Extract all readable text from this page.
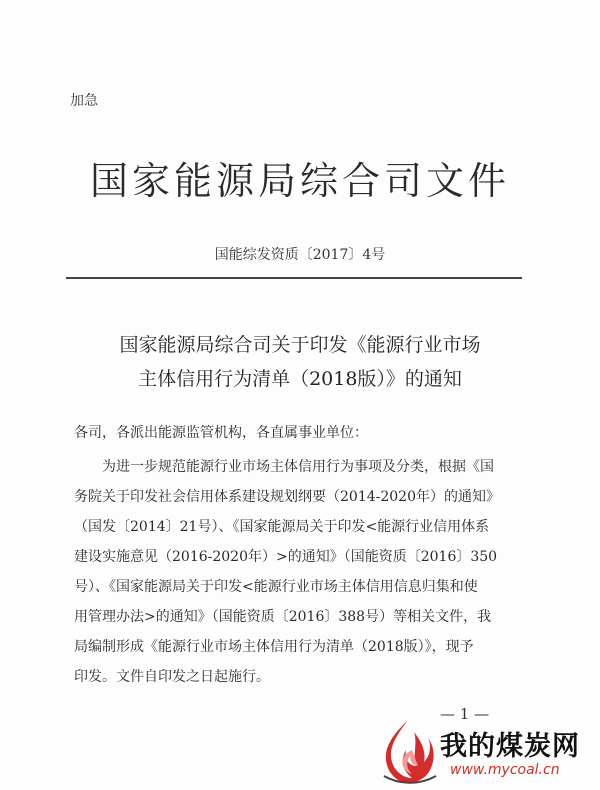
加急
国家能源局综合司文件
国能综发资质〔2017〕4号
国家能源局综合司关于印发《能源行业市场
主体信用行为清单（2018版）》的通知
各司，各派出能源监管机构，各直属事业单位：
为进一步规范能源行业市场主体信用行为事项及分类，根据《国
务院关于印发社会信用体系建设规划纲要（2014-2020年）的通知》
（国发〔2014〕21号）、《国家能源局关于印发<能源行业信用体系
建设实施意见（2016-2020年）>的通知》（国能资质〔2016〕350
号）、《国家能源局关于印发<能源行业市场主体信用信息归集和使
用管理办法>的通知》（国能资质〔2016〕388号）等相关文件，我
局编制形成《能源行业市场主体信用行为清单（2018版）》，现予
印发。文件自印发之日起施行。
— 1 —
我的煤炭网
www.mycoal.cn
